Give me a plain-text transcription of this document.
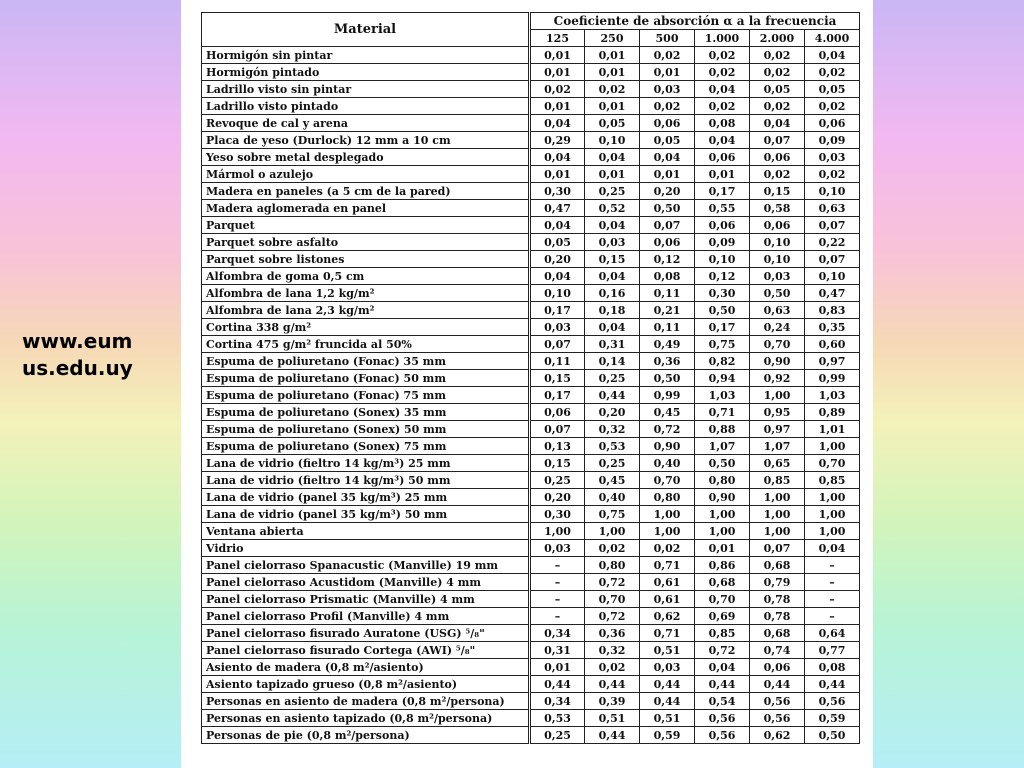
www.eum
us.edu.uy
Material	Coeficiente de absorción α a la frecuencia					
	125	250	500	1.000	2.000	4.000
Hormigón sin pintar	0,01	0,01	0,02	0,02	0,02	0,04
Hormigón pintado	0,01	0,01	0,01	0,02	0,02	0,02
Ladrillo visto sin pintar	0,02	0,02	0,03	0,04	0,05	0,05
Ladrillo visto pintado	0,01	0,01	0,02	0,02	0,02	0,02
Revoque de cal y arena	0,04	0,05	0,06	0,08	0,04	0,06
Placa de yeso (Durlock) 12 mm a 10 cm	0,29	0,10	0,05	0,04	0,07	0,09
Yeso sobre metal desplegado	0,04	0,04	0,04	0,06	0,06	0,03
Mármol o azulejo	0,01	0,01	0,01	0,01	0,02	0,02
Madera en paneles (a 5 cm de la pared)	0,30	0,25	0,20	0,17	0,15	0,10
Madera aglomerada en panel	0,47	0,52	0,50	0,55	0,58	0,63
Parquet	0,04	0,04	0,07	0,06	0,06	0,07
Parquet sobre asfalto	0,05	0,03	0,06	0,09	0,10	0,22
Parquet sobre listones	0,20	0,15	0,12	0,10	0,10	0,07
Alfombra de goma 0,5 cm	0,04	0,04	0,08	0,12	0,03	0,10
Alfombra de lana 1,2 kg/m²	0,10	0,16	0,11	0,30	0,50	0,47
Alfombra de lana 2,3 kg/m²	0,17	0,18	0,21	0,50	0,63	0,83
Cortina 338 g/m²	0,03	0,04	0,11	0,17	0,24	0,35
Cortina 475 g/m² fruncida al 50%	0,07	0,31	0,49	0,75	0,70	0,60
Espuma de poliuretano (Fonac) 35 mm	0,11	0,14	0,36	0,82	0,90	0,97
Espuma de poliuretano (Fonac) 50 mm	0,15	0,25	0,50	0,94	0,92	0,99
Espuma de poliuretano (Fonac) 75 mm	0,17	0,44	0,99	1,03	1,00	1,03
Espuma de poliuretano (Sonex) 35 mm	0,06	0,20	0,45	0,71	0,95	0,89
Espuma de poliuretano (Sonex) 50 mm	0,07	0,32	0,72	0,88	0,97	1,01
Espuma de poliuretano (Sonex) 75 mm	0,13	0,53	0,90	1,07	1,07	1,00
Lana de vidrio (fieltro 14 kg/m³) 25 mm	0,15	0,25	0,40	0,50	0,65	0,70
Lana de vidrio (fieltro 14 kg/m³) 50 mm	0,25	0,45	0,70	0,80	0,85	0,85
Lana de vidrio (panel 35 kg/m³) 25 mm	0,20	0,40	0,80	0,90	1,00	1,00
Lana de vidrio (panel 35 kg/m³) 50 mm	0,30	0,75	1,00	1,00	1,00	1,00
Ventana abierta	1,00	1,00	1,00	1,00	1,00	1,00
Vidrio	0,03	0,02	0,02	0,01	0,07	0,04
Panel cielorraso Spanacustic (Manville) 19 mm	–	0,80	0,71	0,86	0,68	–
Panel cielorraso Acustidom (Manville) 4 mm	–	0,72	0,61	0,68	0,79	–
Panel cielorraso Prismatic (Manville) 4 mm	–	0,70	0,61	0,70	0,78	–
Panel cielorraso Profil (Manville) 4 mm	–	0,72	0,62	0,69	0,78	–
Panel cielorraso fisurado Auratone (USG) ⁵/₈"	0,34	0,36	0,71	0,85	0,68	0,64
Panel cielorraso fisurado Cortega (AWI) ⁵/₈"	0,31	0,32	0,51	0,72	0,74	0,77
Asiento de madera (0,8 m²/asiento)	0,01	0,02	0,03	0,04	0,06	0,08
Asiento tapizado grueso (0,8 m²/asiento)	0,44	0,44	0,44	0,44	0,44	0,44
Personas en asiento de madera (0,8 m²/persona)	0,34	0,39	0,44	0,54	0,56	0,56
Personas en asiento tapizado (0,8 m²/persona)	0,53	0,51	0,51	0,56	0,56	0,59
Personas de pie (0,8 m²/persona)	0,25	0,44	0,59	0,56	0,62	0,50
